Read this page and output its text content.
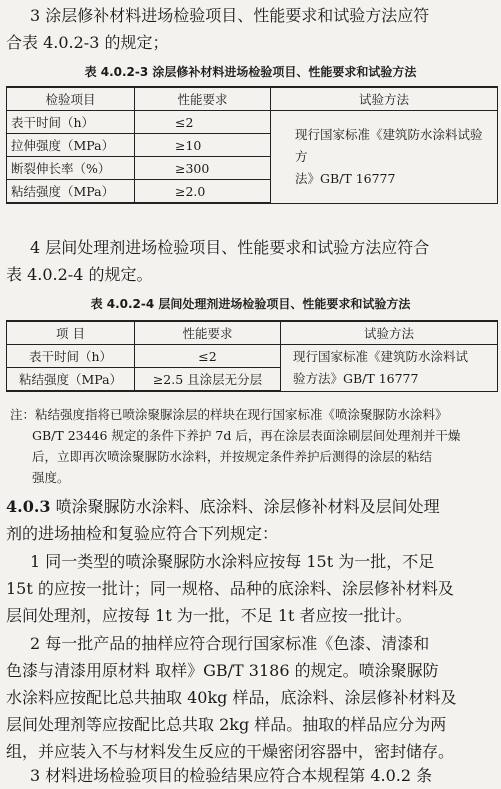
3 涂层修补材料进场检验项目、性能要求和试验方法应符
合表 4.0.2-3 的规定；
表 4.0.2-3 涂层修补材料进场检验项目、性能要求和试验方法
检验项目	性能要求	试验方法
表干时间（h）	≤2	现行国家标准《建筑防水涂料试验方
法》GB/T 16777

拉伸强度（MPa）	≥10	
断裂伸长率（%）	≥300	
粘结强度（MPa）	≥2.0	
4 层间处理剂进场检验项目、性能要求和试验方法应符合
表 4.0.2-4 的规定。
表 4.0.2-4 层间处理剂进场检验项目、性能要求和试验方法
项 目	性能要求	试验方法
表干时间（h）	≤2	现行国家标准《建筑防水涂料试
验方法》GB/T 16777

粘结强度（MPa）	≥2.5 且涂层无分层	
注：粘结强度指将已喷涂聚脲涂层的样块在现行国家标准《喷涂聚脲防水涂料》
GB/T 23446 规定的条件下养护 7d 后，再在涂层表面涂刷层间处理剂并干燥
后，立即再次喷涂聚脲防水涂料，并按规定条件养护后测得的涂层的粘结
强度。
4.0.3 喷涂聚脲防水涂料、底涂料、涂层修补材料及层间处理
剂的进场抽检和复验应符合下列规定：
1 同一类型的喷涂聚脲防水涂料应按每 15t 为一批，不足
15t 的应按一批计；同一规格、品种的底涂料、涂层修补材料及
层间处理剂，应按每 1t 为一批，不足 1t 者应按一批计。
2 每一批产品的抽样应符合现行国家标准《色漆、清漆和
色漆与清漆用原材料 取样》GB/T 3186 的规定。喷涂聚脲防
水涂料应按配比总共抽取 40kg 样品，底涂料、涂层修补材料及
层间处理剂等应按配比总共取 2kg 样品。抽取的样品应分为两
组，并应装入不与材料发生反应的干燥密闭容器中，密封储存。
3 材料进场检验项目的检验结果应符合本规程第 4.0.2 条
